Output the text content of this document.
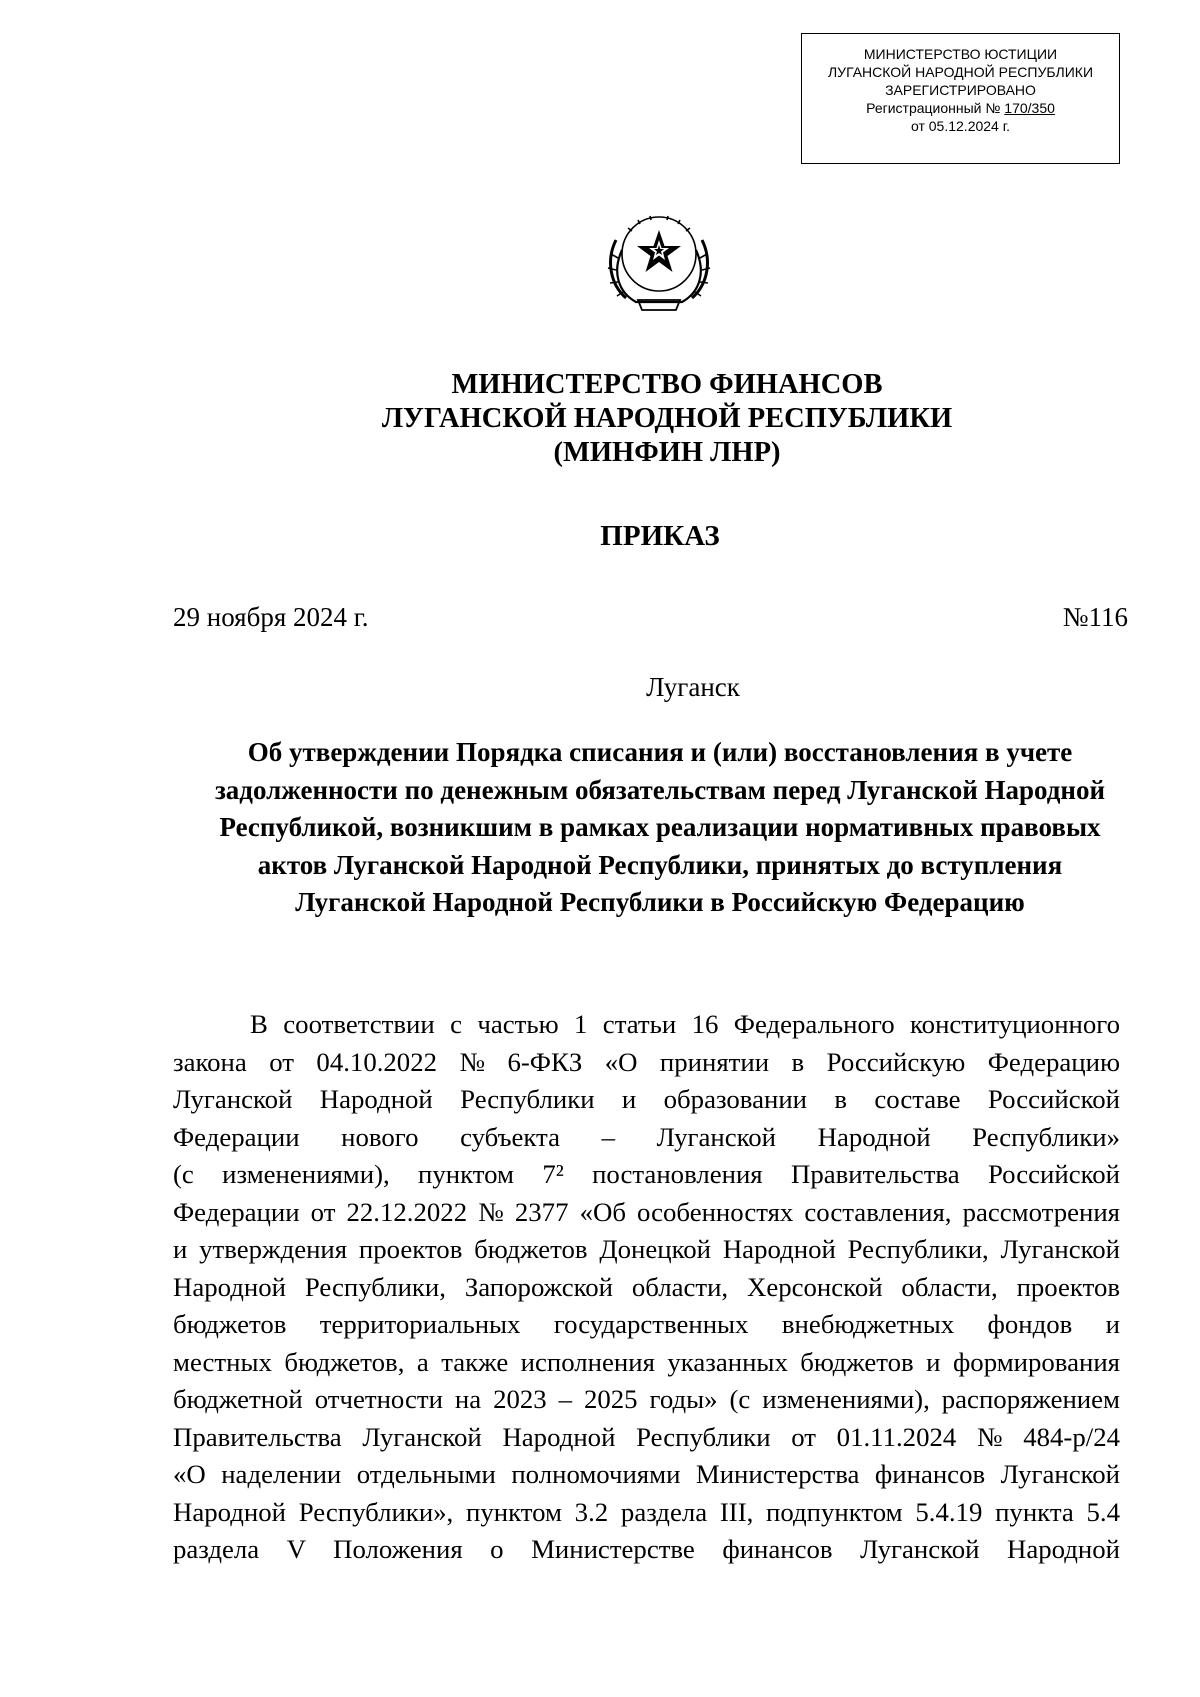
МИНИСТЕРСТВО ЮСТИЦИИ
ЛУГАНСКОЙ НАРОДНОЙ РЕСПУБЛИКИ
ЗАРЕГИСТРИРОВАНО
Регистрационный № 170/350
от 05.12.2024 г.
МИНИСТЕРСТВО ФИНАНСОВ
ЛУГАНСКОЙ НАРОДНОЙ РЕСПУБЛИКИ
(МИНФИН ЛНР)
ПРИКАЗ
29 ноября 2024 г.	№116
Луганск
Об утверждении Порядка списания и (или) восстановления в учете
задолженности по денежным обязательствам перед Луганской Народной
Республикой, возникшим в рамках реализации нормативных правовых
актов Луганской Народной Республики, принятых до вступления
Луганской Народной Республики в Российскую Федерацию
В соответствии с частью 1 статьи 16 Федерального конституционного
закона от 04.10.2022 № 6-ФКЗ «О принятии в Российскую Федерацию
Луганской Народной Республики и образовании в составе Российской
Федерации нового субъекта – Луганской Народной Республики»
(с изменениями), пунктом 7² постановления Правительства Российской
Федерации от 22.12.2022 № 2377 «Об особенностях составления, рассмотрения
и утверждения проектов бюджетов Донецкой Народной Республики, Луганской
Народной Республики, Запорожской области, Херсонской области, проектов
бюджетов территориальных государственных внебюджетных фондов и
местных бюджетов, а также исполнения указанных бюджетов и формирования
бюджетной отчетности на 2023 – 2025 годы» (с изменениями), распоряжением
Правительства Луганской Народной Республики от 01.11.2024 № 484-р/24
«О наделении отдельными полномочиями Министерства финансов Луганской
Народной Республики», пунктом 3.2 раздела III, подпунктом 5.4.19 пункта 5.4
раздела V Положения о Министерстве финансов Луганской Народной
